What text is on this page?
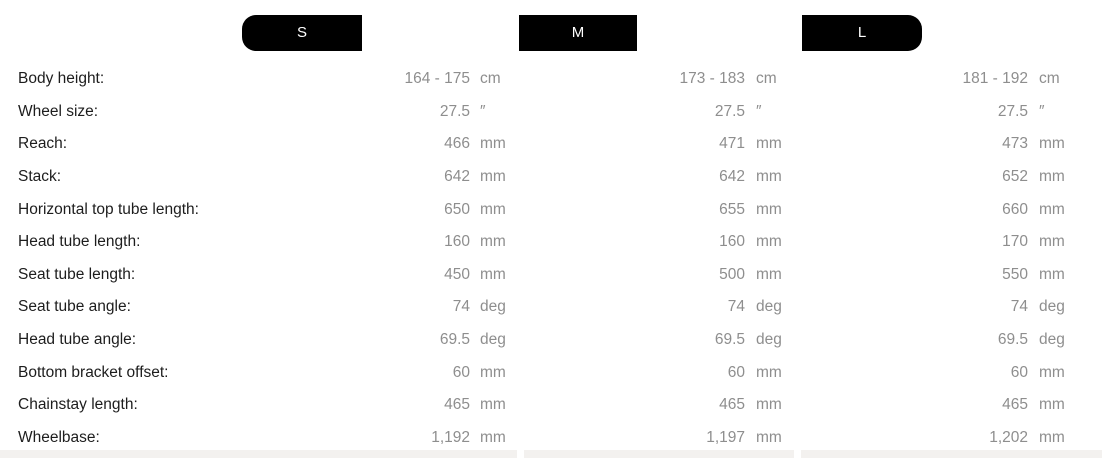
S	M	L
Body height:	164 - 175 cm	173 - 183 cm	181 - 192 cm
Wheel size:	27.5 ″	27.5 ″	27.5 ″
Reach:	466 mm	471 mm	473 mm
Stack:	642 mm	642 mm	652 mm
Horizontal top tube length:	650 mm	655 mm	660 mm
Head tube length:	160 mm	160 mm	170 mm
Seat tube length:	450 mm	500 mm	550 mm
Seat tube angle:	74 deg	74 deg	74 deg
Head tube angle:	69.5 deg	69.5 deg	69.5 deg
Bottom bracket offset:	60 mm	60 mm	60 mm
Chainstay length:	465 mm	465 mm	465 mm
Wheelbase:	1,192 mm	1,197 mm	1,202 mm
